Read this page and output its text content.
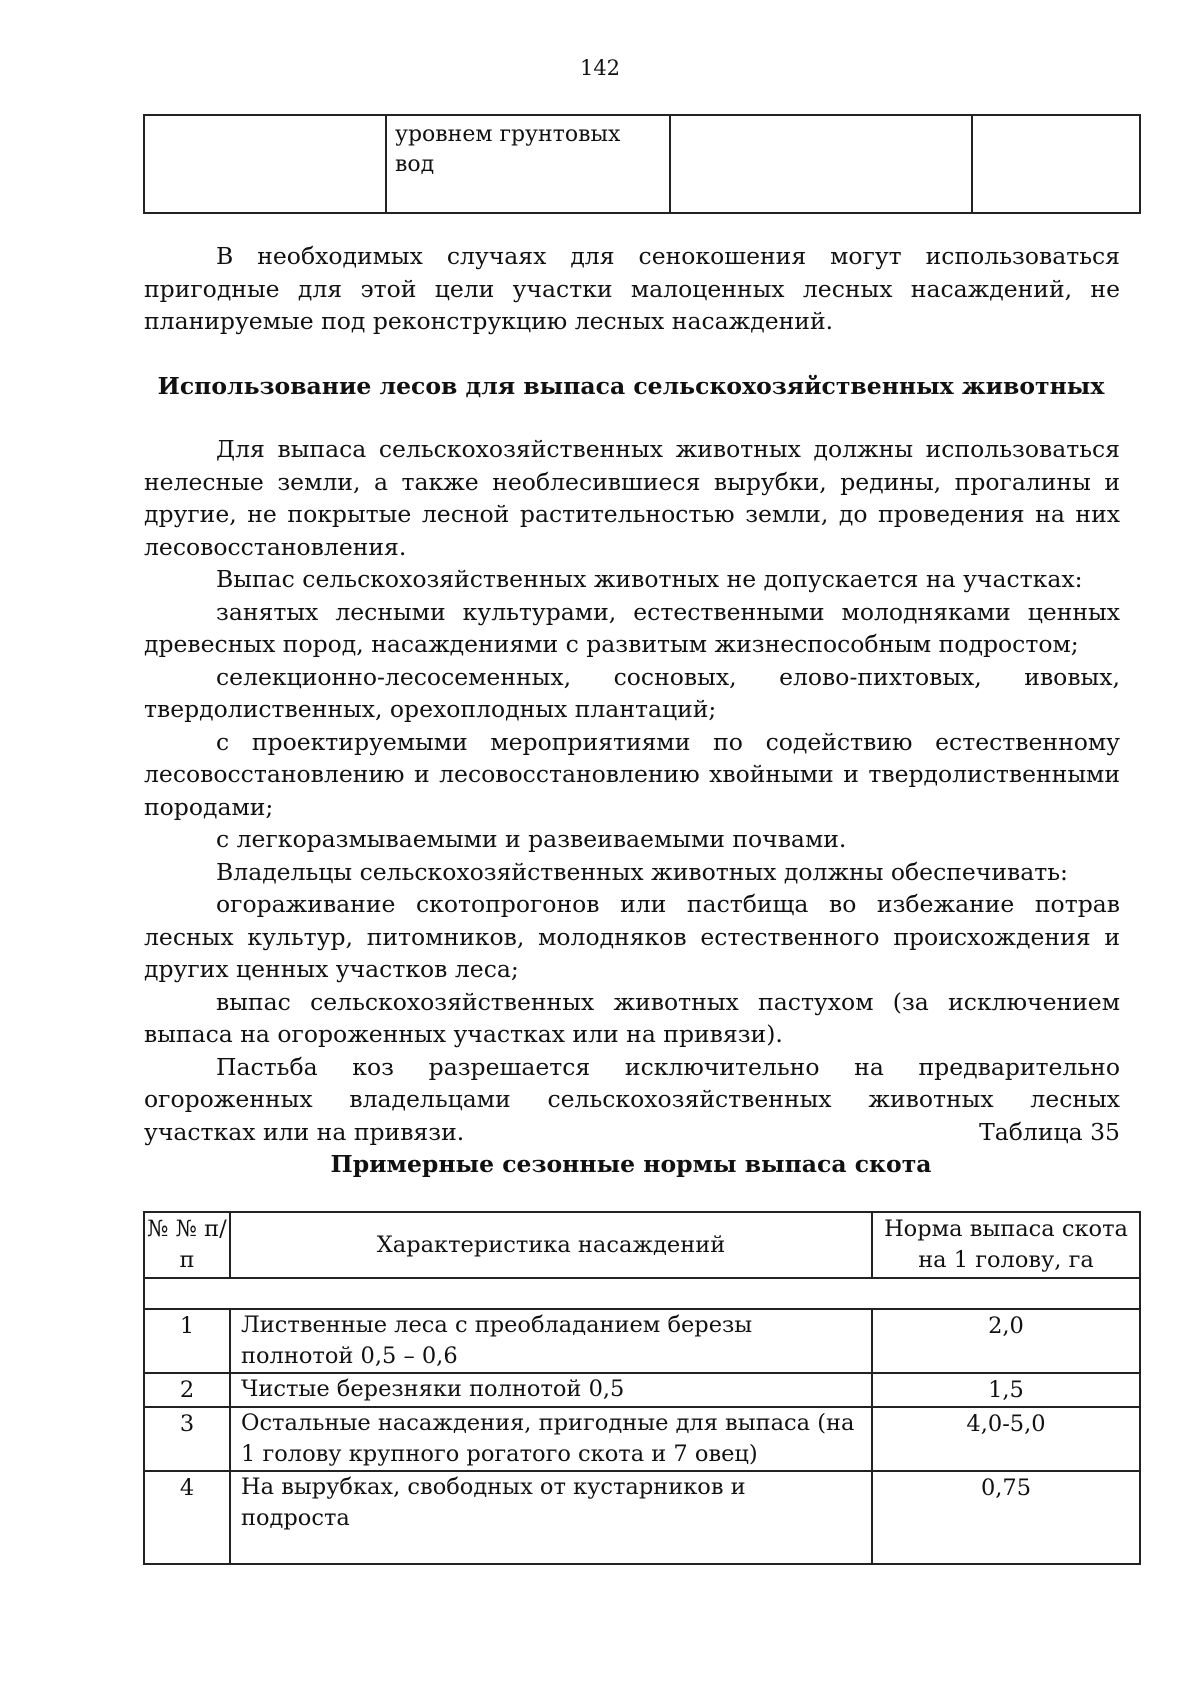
142
	уровнем грунтовых вод		

В необходимых случаях для сенокошения могут использоваться пригодные для этой цели участки малоценных лесных насаждений, не планируемые под реконструкцию лесных насаждений.

Использование лесов для выпаса сельскохозяйственных животных

Для выпаса сельскохозяйственных животных должны использоваться нелесные земли, а также необлесившиеся вырубки, редины, прогалины и другие, не покрытые лесной растительностью земли, до проведения на них лесовосстановления.

Выпас сельскохозяйственных животных не допускается на участках:

занятых лесными культурами, естественными молодняками ценных древесных пород, насаждениями с развитым жизнеспособным подростом;

селекционно-лесосеменных, сосновых, елово-пихтовых, ивовых, твердолиственных, орехоплодных плантаций;

с проектируемыми мероприятиями по содействию естественному лесовосстановлению и лесовосстановлению хвойными и твердолиственными породами;

с легкоразмываемыми и развеиваемыми почвами.

Владельцы сельскохозяйственных животных должны обеспечивать:

огораживание скотопрогонов или пастбища во избежание потрав лесных культур, питомников, молодняков естественного происхождения и других ценных участков леса;

выпас сельскохозяйственных животных пастухом (за исключением выпаса на огороженных участках или на привязи).

Пастьба коз разрешается исключительно на предварительно огороженных владельцами сельскохозяйственных животных лесных участках или на привязи.	Таблица 35
Примерные сезонные нормы выпаса скота
№ № п/п	Характеристика насаждений	Норма выпаса скота на 1 голову, га

1	Лиственные леса с преобладанием березы полнотой 0,5 – 0,6	2,0
2	Чистые березняки полнотой 0,5	1,5
3	Остальные насаждения, пригодные для выпаса (на 1 голову крупного рогатого скота и 7 овец)	4,0-5,0
4	На вырубках, свободных от кустарников и подроста	0,75
